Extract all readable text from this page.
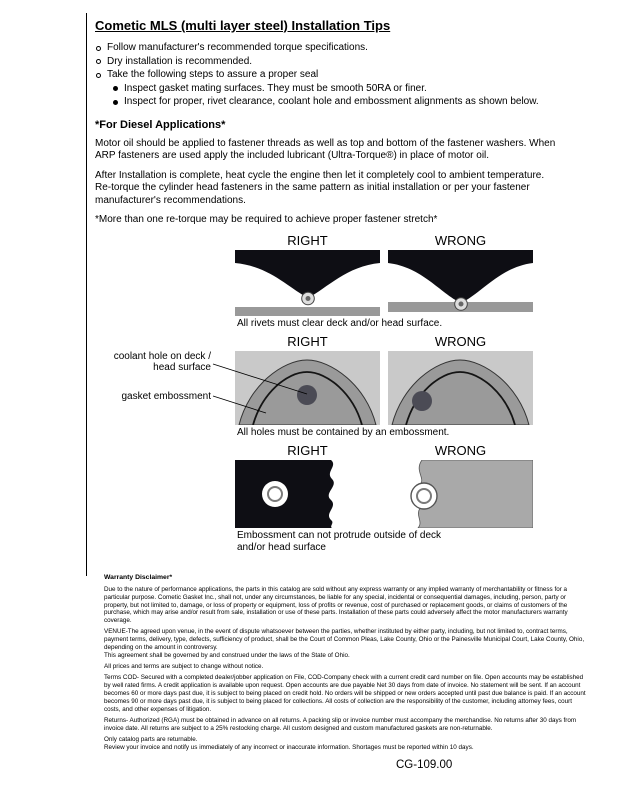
Cometic MLS (multi layer steel) Installation Tips
Follow manufacturer's recommended torque specifications.
Dry installation is recommended.
Take the following steps to assure a proper seal
Inspect gasket mating surfaces. They must be smooth 50RA or finer.
Inspect for proper, rivet clearance, coolant hole and embossment alignments as shown below.
*For Diesel Applications*

Motor oil should be applied to fastener threads as well as top and bottom of the fastener washers. When ARP fasteners are used apply the included lubricant (Ultra-Torque®) in place of motor oil.

After Installation is complete, heat cycle the engine then let it completely cool to ambient temperature. Re-torque the cylinder head fasteners in the same pattern as initial installation or per your fastener manufacturer's recommendations.

*More than one re-torque may be required to achieve proper fastener stretch*

RIGHT	WRONG

All rivets must clear deck and/or head surface.

RIGHT	WRONG
coolant hole on deck / head surface
gasket embossment

All holes must be contained by an embossment.

RIGHT	WRONG

Embossment can not protrude outside of deck and/or head surface

Warranty Disclaimer*

Due to the nature of performance applications, the parts in this catalog are sold without any express warranty or any implied warranty of merchantability or fitness for a particular purpose. Cometic Gasket Inc., shall not, under any circumstances, be liable for any special, incidental or consequential damages, including, person, party or property, but not limited to, damage, or loss of property or equipment, loss of profits or revenue, cost of purchased or replacement goods, or claims of customers of the purchase, which may arise and/or result from sale, installation or use of these parts. Installation of these parts could adversely affect the motor manufacturers warranty coverage.

VENUE-The agreed upon venue, in the event of dispute whatsoever between the parties, whether instituted by either party, including, but not limited to, contract terms, payment terms, delivery, type, defects, sufficiency of product, shall be the Court of Common Pleas, Lake County, Ohio or the Painesville Municipal Court, Lake County, Ohio, depending on the amount in controversy.

This agreement shall be governed by and construed under the laws of the State of Ohio.

All prices and terms are subject to change without notice.

Terms COD- Secured with a completed dealer/jobber application on File, COD-Company check with a current credit card number on file. Open accounts may be established by well rated firms. A credit application is available upon request. Open accounts are due payable Net 30 days from date of invoice. No statement will be sent. If an account becomes 60 or more days past due, it is subject to being placed on credit hold. No orders will be shipped or new orders accepted until past due balance is paid. If an account becomes 90 or more days past due, it is subject to being placed for collections. All costs of collection are the responsibility of the customer, including attorney fees, court costs, and other expenses of litigation.

Returns- Authorized (RGA) must be obtained in advance on all returns. A packing slip or invoice number must accompany the merchandise. No returns after 30 days from invoice date. All returns are subject to a 25% restocking charge. All custom designed and custom manufactured gaskets are non-returnable.

Only catalog parts are returnable.

Review your invoice and notify us immediately of any incorrect or inaccurate information. Shortages must be reported within 10 days.

CG-109.00
